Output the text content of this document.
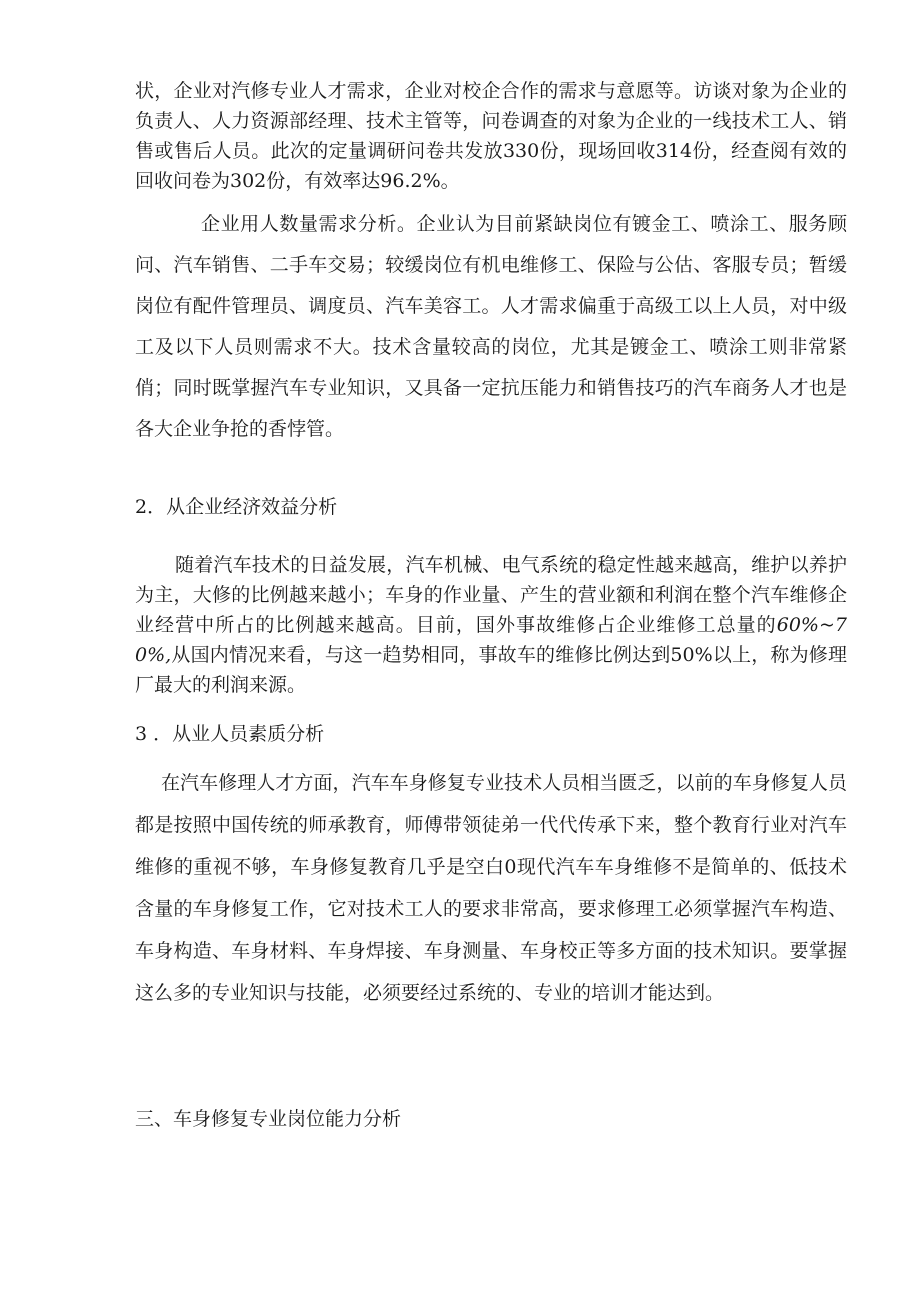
状，企业对汽修专业人才需求，企业对校企合作的需求与意愿等。访谈对象为企业的负责人、人力资源部经理、技术主管等，问卷调查的对象为企业的一线技术工人、销售或售后人员。此次的定量调研问卷共发放330份，现场回收314份，经查阅有效的回收问卷为302份，有效率达96.2%。

企业用人数量需求分析。企业认为目前紧缺岗位有镀金工、喷涂工、服务顾问、汽车销售、二手车交易；较缓岗位有机电维修工、保险与公估、客服专员；暂缓岗位有配件管理员、调度员、汽车美容工。人才需求偏重于高级工以上人员，对中级工及以下人员则需求不大。技术含量较高的岗位，尤其是镀金工、喷涂工则非常紧俏；同时既掌握汽车专业知识，又具备一定抗压能力和销售技巧的汽车商务人才也是各大企业争抢的香悖管。

2．从企业经济效益分析

随着汽车技术的日益发展，汽车机械、电气系统的稳定性越来越高，维护以养护为主，大修的比例越来越小；车身的作业量、产生的营业额和利润在整个汽车维修企业经营中所占的比例越来越高。目前，国外事故维修占企业维修工总量的60%~70%,从国内情况来看，与这一趋势相同，事故车的维修比例达到50%以上，称为修理厂最大的利润来源。

3 ．从业人员素质分析

在汽车修理人才方面，汽车车身修复专业技术人员相当匮乏，以前的车身修复人员都是按照中国传统的师承教育，师傅带领徒弟一代代传承下来，整个教育行业对汽车维修的重视不够，车身修复教育几乎是空白0现代汽车车身维修不是简单的、低技术含量的车身修复工作，它对技术工人的要求非常高，要求修理工必须掌握汽车构造、车身构造、车身材料、车身焊接、车身测量、车身校正等多方面的技术知识。要掌握这么多的专业知识与技能，必须要经过系统的、专业的培训才能达到。

三、车身修复专业岗位能力分析
